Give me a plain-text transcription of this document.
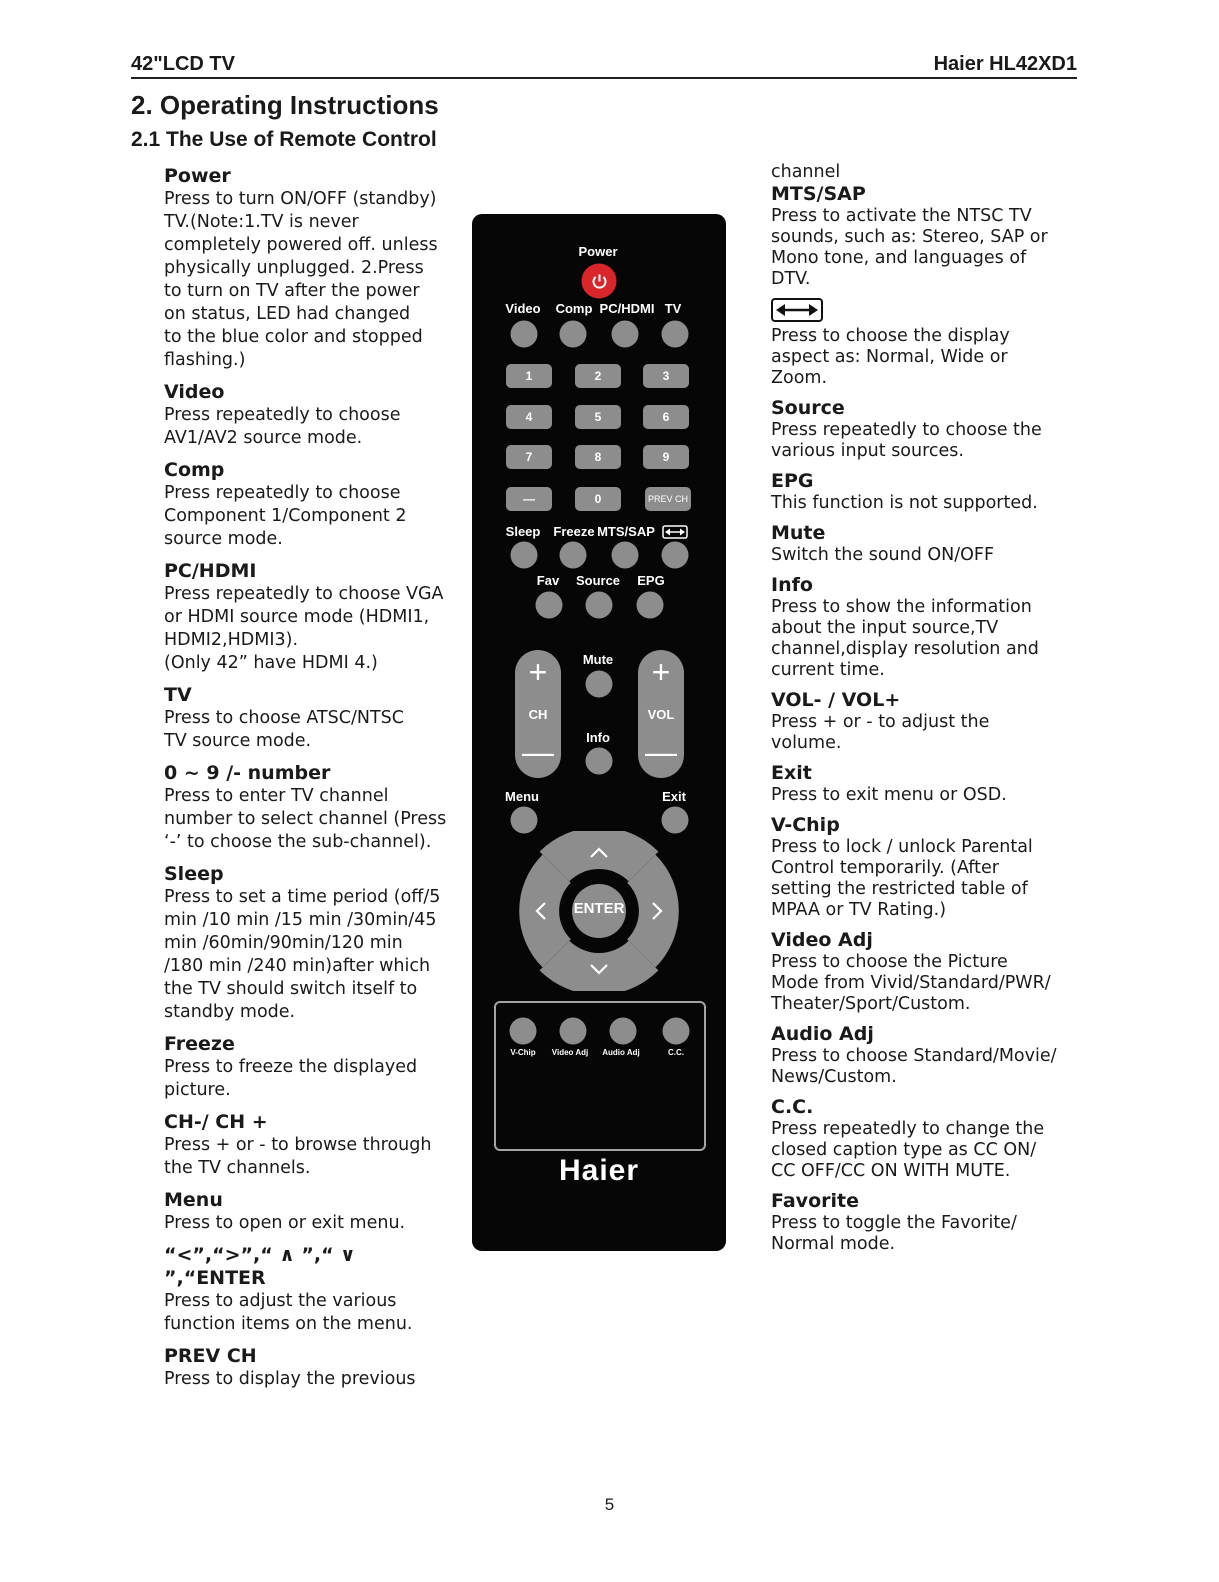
42"LCD TV	Haier HL42XD1
2. Operating Instructions
2.1 The Use of Remote Control
Power
Press to turn ON/OFF (standby)
TV.(Note:1.TV is never
completely powered off. unless
physically unplugged. 2.Press
to turn on TV after the power
on status, LED had changed
to the blue color and stopped
flashing.)
Video
Press repeatedly to choose
AV1/AV2 source mode.
Comp
Press repeatedly to choose
Component 1/Component 2
source mode.
PC/HDMI
Press repeatedly to choose VGA
or HDMI source mode (HDMI1,
HDMI2,HDMI3).
(Only 42” have HDMI 4.)
TV
Press to choose ATSC/NTSC
TV source mode.
0 ~ 9 /- number
Press to enter TV channel
number to select channel (Press
‘-’ to choose the sub-channel).
Sleep
Press to set a time period (off/5
min /10 min /15 min /30min/45
min /60min/90min/120 min
/180 min /240 min)after which
the TV should switch itself to
standby mode.
Freeze
Press to freeze the displayed
picture.
CH-/ CH +
Press + or - to browse through
the TV channels.
Menu
Press to open or exit menu.
“<”,“>”,“ ∧ ”,“ ∨ ”,“ENTER
Press to adjust the various
function items on the menu.
PREV CH
Press to display the previous
channel
MTS/SAP
Press to activate the NTSC TV
sounds, such as: Stereo, SAP or
Mono tone, and languages of
DTV.
Press to choose the display
aspect as: Normal, Wide or
Zoom.
Source
Press repeatedly to choose the
various input sources.
EPG
This function is not supported.
Mute
Switch the sound ON/OFF
Info
Press to show the information
about the input source,TV
channel,display resolution and
current time.
VOL- / VOL+
Press + or - to adjust the
volume.
Exit
Press to exit menu or OSD.
V-Chip
Press to lock / unlock Parental
Control temporarily. (After
setting the restricted table of
MPAA or TV Rating.)
Video Adj
Press to choose the Picture
Mode from Vivid/Standard/PWR/
Theater/Sport/Custom.
Audio Adj
Press to choose Standard/Movie/
News/Custom.
C.C.
Press repeatedly to change the
closed caption type as CC ON/
CC OFF/CC ON WITH MUTE.
Favorite
Press to toggle the Favorite/
Normal mode.
Power
Video Comp PC/HDMI TV
1	2	3
4	5	6
7	8	9
—	0	PREV CH
Sleep Freeze MTS/SAP
Fav Source EPG
+
CH
—
+
VOL
—
Mute
Info
Menu	Exit
ENTER
V-Chip Video Adj Audio Adj	C.C.
Haier
5
